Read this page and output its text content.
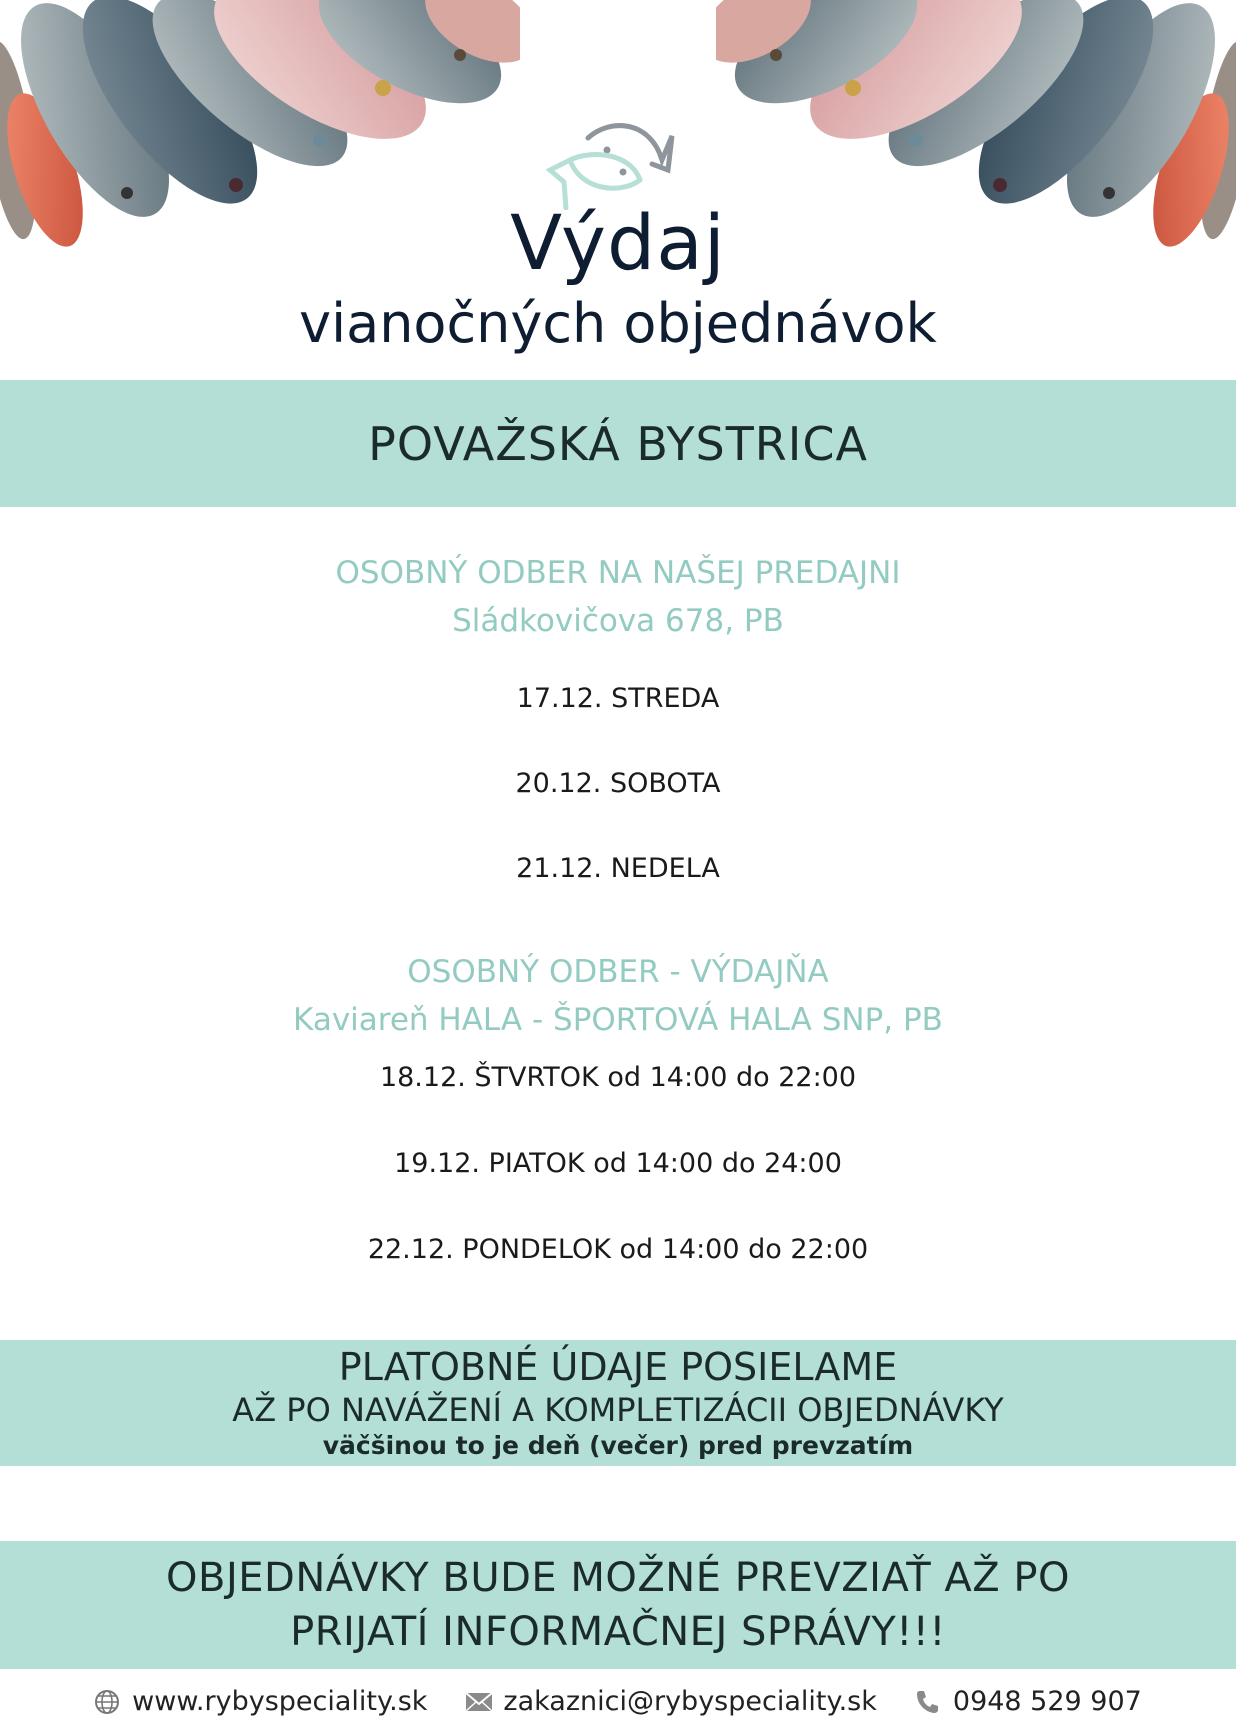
Výdaj
vianočných objednávok
POVAŽSKÁ BYSTRICA
OSOBNÝ ODBER NA NAŠEJ PREDAJNI
Sládkovičova 678, PB
17.12. STREDA
20.12. SOBOTA
21.12. NEDELA
OSOBNÝ ODBER - VÝDAJŇA
Kaviareň HALA - ŠPORTOVÁ HALA SNP, PB
18.12. ŠTVRTOK od 14:00 do 22:00
19.12. PIATOK od 14:00 do 24:00
22.12. PONDELOK od 14:00 do 22:00
PLATOBNÉ ÚDAJE POSIELAME
AŽ PO NAVÁŽENÍ A KOMPLETIZÁCII OBJEDNÁVKY
väčšinou to je deň (večer) pred prevzatím
OBJEDNÁVKY BUDE MOŽNÉ PREVZIAŤ AŽ PO
PRIJATÍ INFORMAČNEJ SPRÁVY!!!
www.rybyspeciality.sk	zakaznici@rybyspeciality.sk	0948 529 907
